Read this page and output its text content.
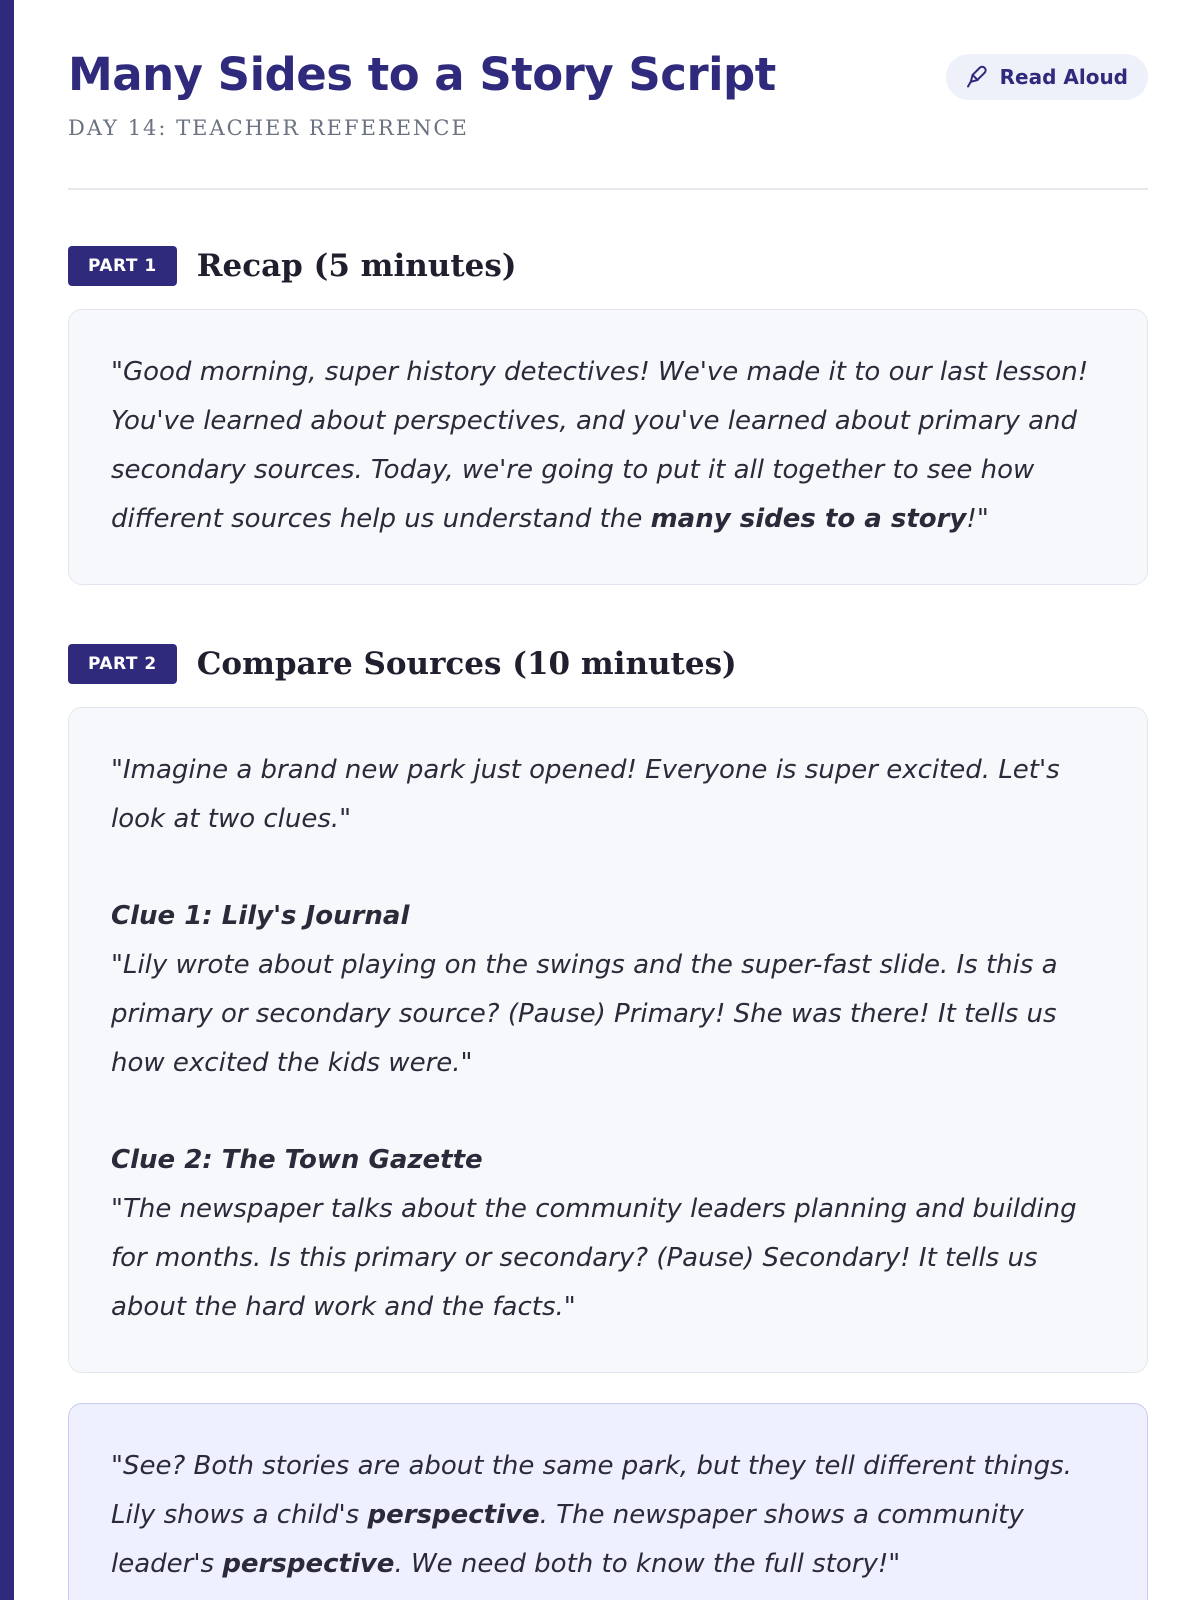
Many Sides to a Story Script
DAY 14: TEACHER REFERENCE
Read Aloud
PART 1	Recap (5 minutes)

"Good morning, super history detectives! We've made it to our last lesson! You've learned about perspectives, and you've learned about primary and secondary sources. Today, we're going to put it all together to see how different sources help us understand the many sides to a story!"

PART 2	Compare Sources (10 minutes)

"Imagine a brand new park just opened! Everyone is super excited. Let's look at two clues."

Clue 1: Lily's Journal

"Lily wrote about playing on the swings and the super-fast slide. Is this a primary or secondary source? (Pause) Primary! She was there! It tells us how excited the kids were."

Clue 2: The Town Gazette

"The newspaper talks about the community leaders planning and building for months. Is this primary or secondary? (Pause) Secondary! It tells us about the hard work and the facts."

"See? Both stories are about the same park, but they tell different things. Lily shows a child's perspective. The newspaper shows a community leader's perspective. We need both to know the full story!"
